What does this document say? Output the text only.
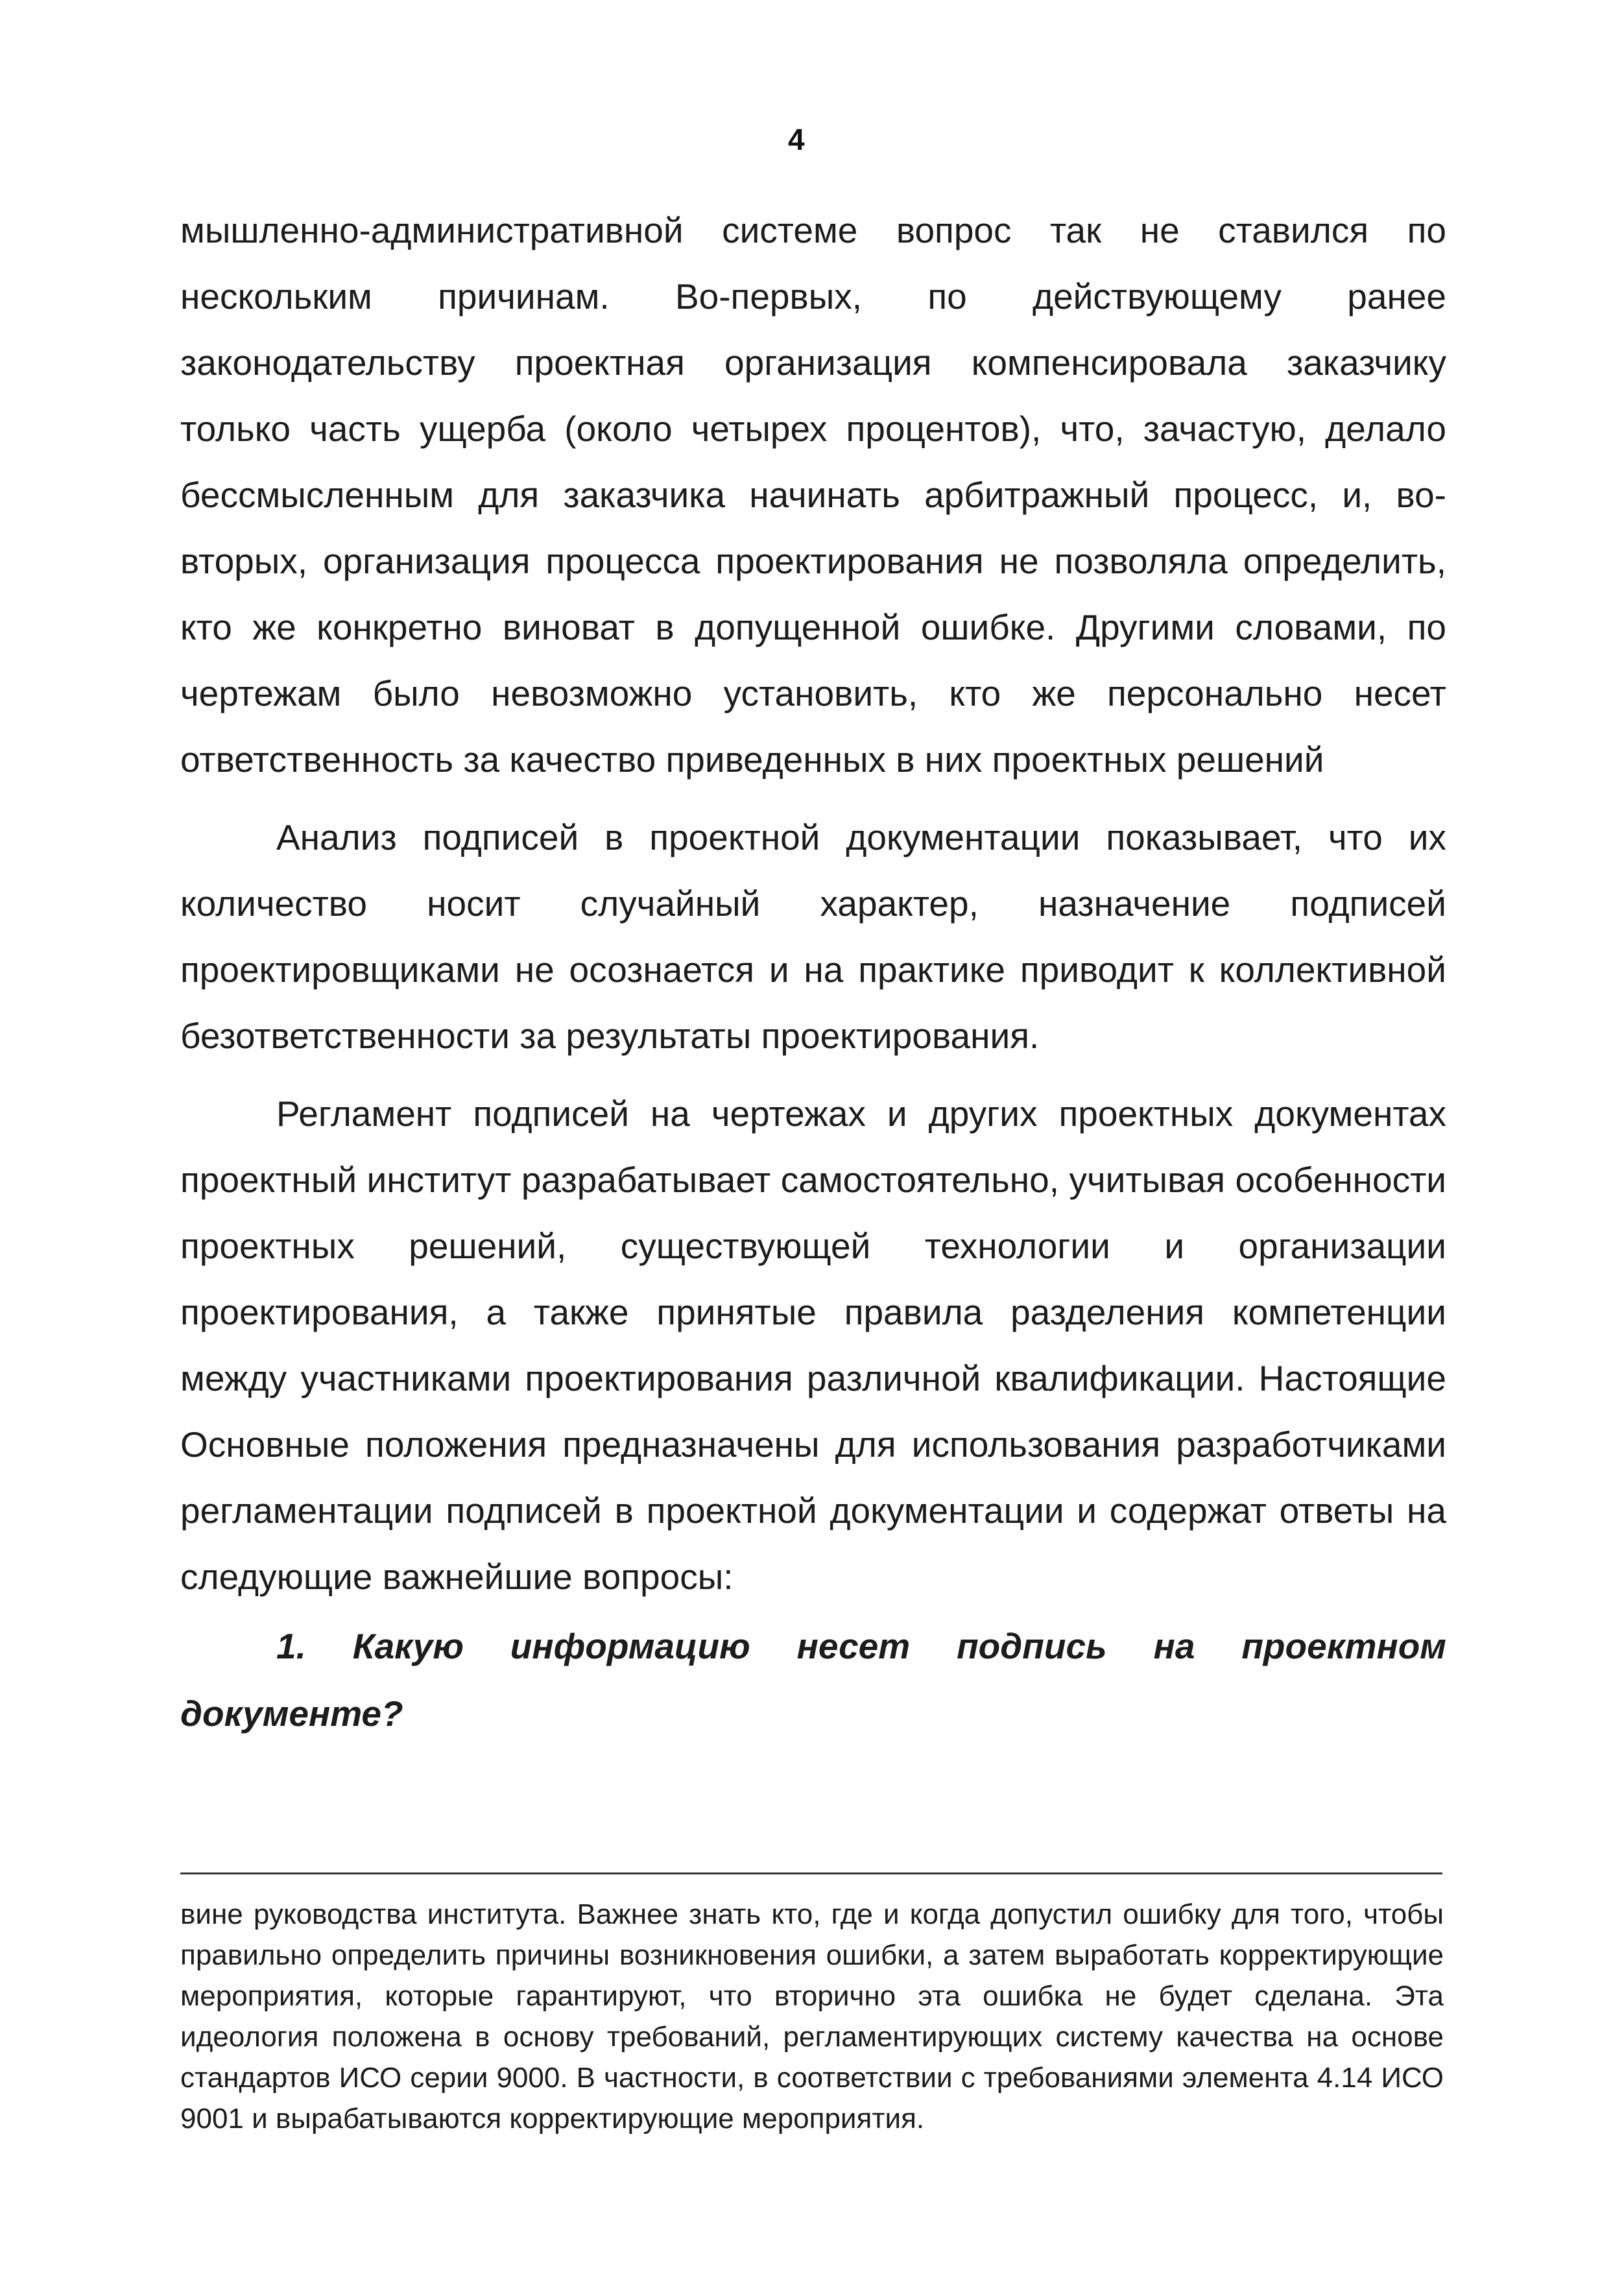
4

мышленно-административной системе вопрос так не ставился по нескольким причинам. Во-первых, по действующему ранее законодательству проектная организация компенсировала заказчику только часть ущерба (около четырех процентов), что, зачастую, делало бессмысленным для заказчика начинать арбитражный процесс, и, во-вторых, организация процесса проектирования не позволяла определить, кто же конкретно виноват в допущенной ошибке. Другими словами, по чертежам было невозможно установить, кто же персонально несет ответственность за качество приведенных в них проектных решений

Анализ подписей в проектной документации показывает, что их количество носит случайный характер, назначение подписей проектировщиками не осознается и на практике приводит к коллективной безответственности за результаты проектирования.

Регламент подписей на чертежах и других проектных документах проектный институт разрабатывает самостоятельно, учитывая особенности проектных решений, существующей технологии и организации проектирования, а также принятые правила разделения компетенции между участниками проектирования различной квалификации. Настоящие Основные положения предназначены для использования разработчиками регламентации подписей в проектной документации и содержат ответы на следующие важнейшие вопросы:

1. Какую информацию несет подпись на проектном документе?

вине руководства института. Важнее знать кто, где и когда допустил ошибку для того, чтобы правильно определить причины возникновения ошибки, а затем выработать корректирующие мероприятия, которые гарантируют, что вторично эта ошибка не будет сделана. Эта идеология положена в основу требований, регламентирующих систему качества на основе стандартов ИСО серии 9000. В частности, в соответствии с требованиями элемента 4.14 ИСО 9001 и вырабатываются корректирующие мероприятия.
